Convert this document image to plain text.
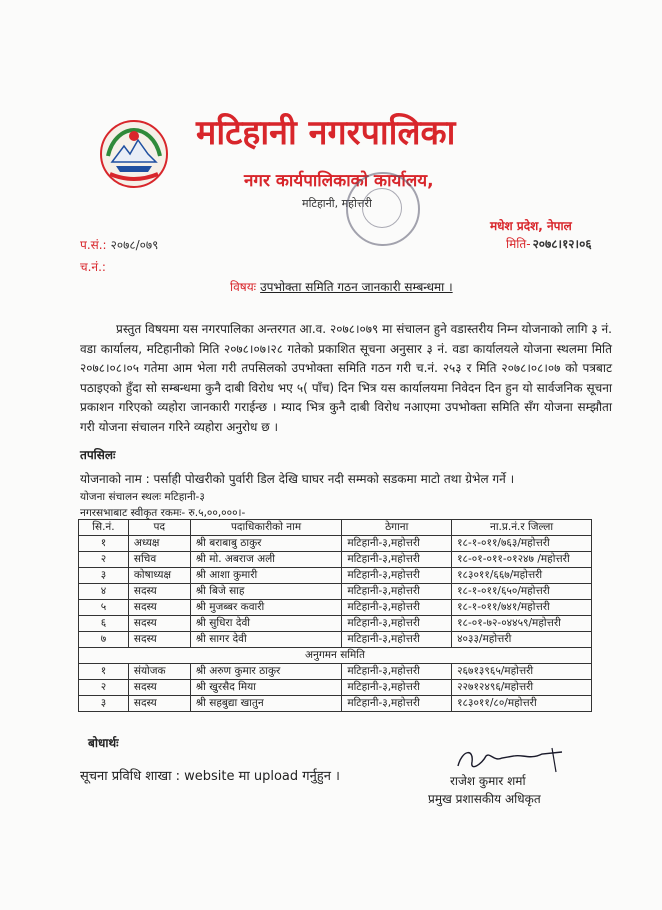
मटिहानी नगरपालिका
नगर कार्यपालिकाको कार्यालय,
मटिहानी, महोत्तरी
मधेश प्रदेश, नेपाल
मिति- २०७८।१२।०६
प.सं.: २०७८/०७९
च.नं.:
विषयः उपभोक्ता समिति गठन जानकारी सम्बन्धमा ।
प्रस्तुत विषयमा यस नगरपालिका अन्तरगत आ.व. २०७८।०७९ मा संचालन हुने वडास्तरीय निम्न योजनाको लागि ३ नं. वडा कार्यालय, मटिहानीको मिति २०७८।०७।२८ गतेको प्रकाशित सूचना अनुसार ३ नं. वडा कार्यालयले योजना स्थलमा मिति २०७८।०८।०५ गतेमा आम भेला गरी तपसिलको उपभोक्ता समिति गठन गरी च.नं. २५३ र मिति २०७८।०८।०७ को पत्रबाट पठाइएको हुँदा सो सम्बन्धमा कुनै दाबी विरोध भए ५( पाँच) दिन भित्र यस कार्यालयमा निवेदन दिन हुन यो सार्वजनिक सूचना प्रकाशन गरिएको व्यहोरा जानकारी गराईन्छ । म्याद भित्र कुनै दाबी विरोध नआएमा उपभोक्ता समिति सँग योजना सम्झौता गरी योजना संचालन गरिने व्यहोरा अनुरोध छ ।
तपसिलः
योजनाको नाम : पर्साही पोखरीको पुर्वारी डिल देखि घाघर नदी सम्मको सडकमा माटो तथा ग्रेभेल गर्ने ।
योजना संचालन स्थलः मटिहानी-३
नगरसभाबाट स्वीकृत रकमः- रु.५,००,०००।-
सि.नं.	पद	पदाधिकारीको नाम	ठेगाना	ना.प्र.नं.र जिल्ला
१	अध्यक्ष	श्री बराबाबु ठाकुर	मटिहानी-३,महोत्तरी	१८-१-०११/७६३/महोत्तरी
२	सचिव	श्री मो. अबराज अली	मटिहानी-३,महोत्तरी	१८-०१-०११-०१२४७ /महोत्तरी
३	कोषाध्यक्ष	श्री आशा कुमारी	मटिहानी-३,महोत्तरी	१८३०११/६६७/महोत्तरी
४	सदस्य	श्री बिजे साह	मटिहानी-३,महोत्तरी	१८-१-०११/६५०/महोत्तरी
५	सदस्य	श्री मुजब्बर कवारी	मटिहानी-३,महोत्तरी	१८-१-०११/७४१/महोत्तरी
६	सदस्य	श्री सुधिरा देवी	मटिहानी-३,महोत्तरी	१८-०१-७२-०४४५९/महोत्तरी
७	सदस्य	श्री सागर देवी	मटिहानी-३,महोत्तरी	४०३३/महोत्तरी
अनुगमन समिति				
१	संयोजक	श्री अरुण कुमार ठाकुर	मटिहानी-३,महोत्तरी	२६७१३९६५/महोत्तरी
२	सदस्य	श्री खुरसैद मिया	मटिहानी-३,महोत्तरी	२२७१२४९६/महोत्तरी
३	सदस्य	श्री सहबुद्या खातुन	मटिहानी-३,महोत्तरी	१८३०११/८०/महोत्तरी
बोधार्थः
सूचना प्रविधि शाखा : website मा upload गर्नुहुन ।	राजेश कुमार शर्मा
प्रमुख प्रशासकीय अधिकृत
